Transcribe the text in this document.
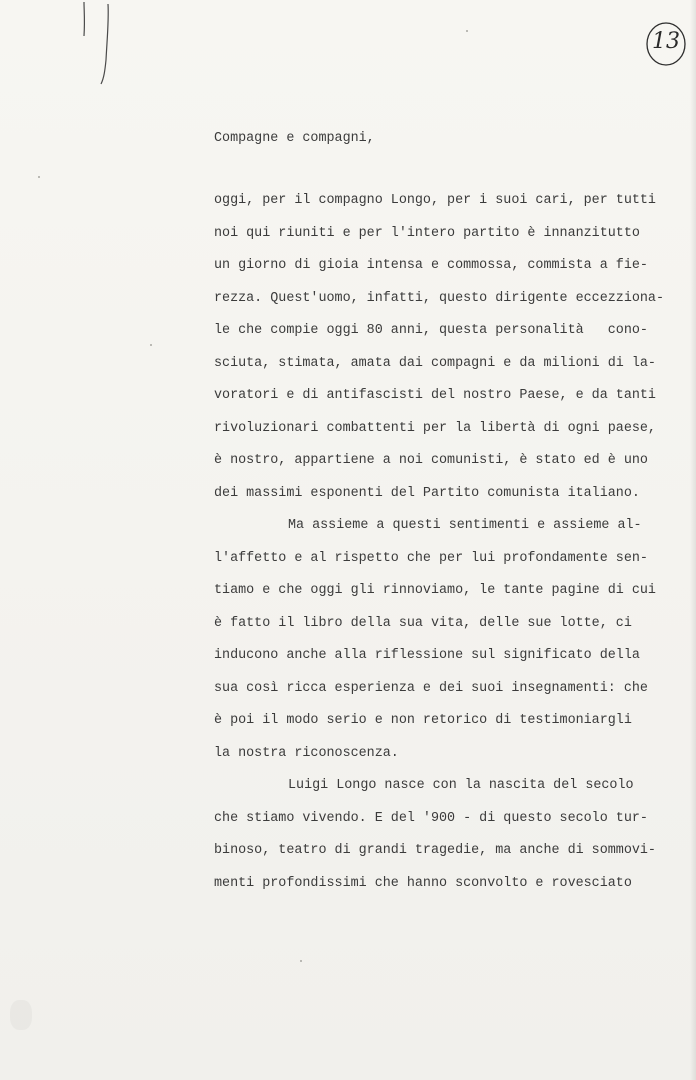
13
Compagne e compagni,
oggi, per il compagno Longo, per i suoi cari, per tutti
noi qui riuniti e per l'intero partito è innanzitutto
un giorno di gioia intensa e commossa, commista a fie-
rezza. Quest'uomo, infatti, questo dirigente eccezziona-
le che compie oggi 80 anni, questa personalità   cono-
sciuta, stimata, amata dai compagni e da milioni di la-
voratori e di antifascisti del nostro Paese, e da tanti
rivoluzionari combattenti per la libertà di ogni paese,
è nostro, appartiene a noi comunisti, è stato ed è uno
dei massimi esponenti del Partito comunista italiano.
Ma assieme a questi sentimenti e assieme al-
l'affetto e al rispetto che per lui profondamente sen-
tiamo e che oggi gli rinnoviamo, le tante pagine di cui
è fatto il libro della sua vita, delle sue lotte, ci
inducono anche alla riflessione sul significato della
sua così ricca esperienza e dei suoi insegnamenti: che
è poi il modo serio e non retorico di testimoniargli
la nostra riconoscenza.
Luigi Longo nasce con la nascita del secolo
che stiamo vivendo. E del '900 - di questo secolo tur-
binoso, teatro di grandi tragedie, ma anche di sommovi-
menti profondissimi che hanno sconvolto e rovesciato
